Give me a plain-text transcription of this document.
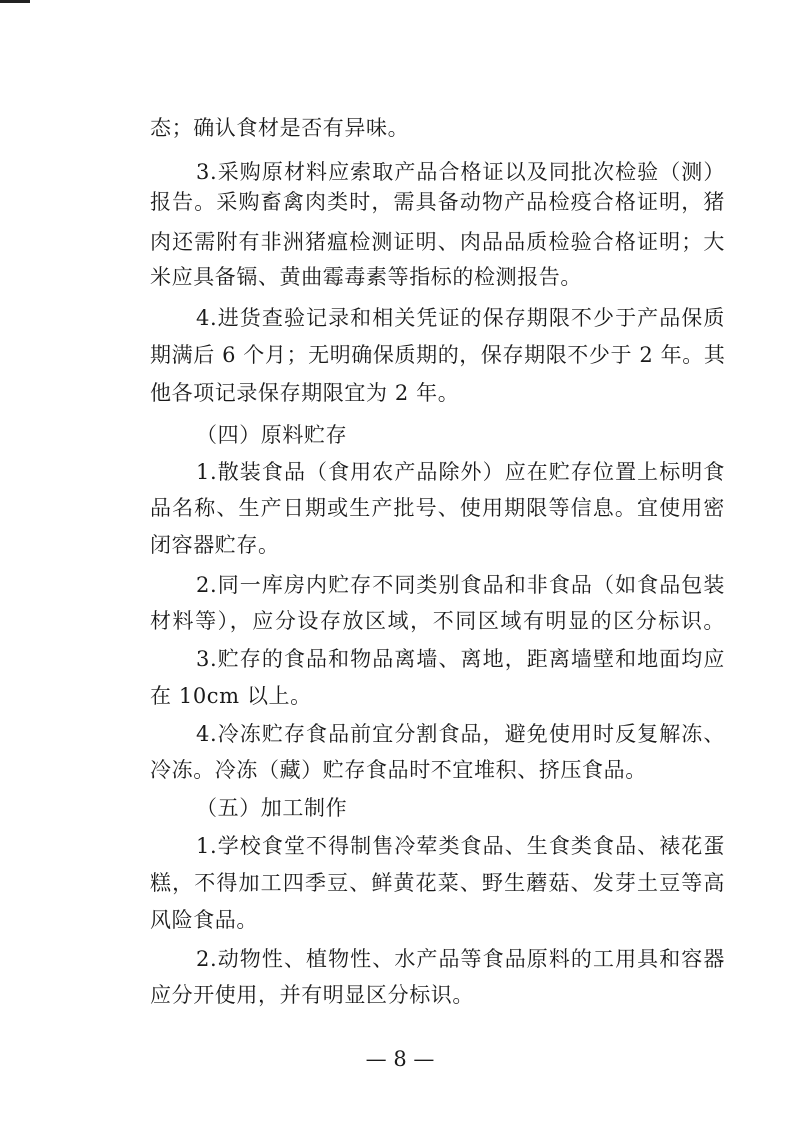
态；确认食材是否有异味。
3.采购原材料应索取产品合格证以及同批次检验（测）
报告。采购畜禽肉类时，需具备动物产品检疫合格证明，猪
肉还需附有非洲猪瘟检测证明、肉品品质检验合格证明；大
米应具备镉、黄曲霉毒素等指标的检测报告。
4.进货查验记录和相关凭证的保存期限不少于产品保质
期满后 6 个月；无明确保质期的，保存期限不少于 2 年。其
他各项记录保存期限宜为 2 年。
（四）原料贮存
1.散装食品（食用农产品除外）应在贮存位置上标明食
品名称、生产日期或生产批号、使用期限等信息。宜使用密
闭容器贮存。
2.同一库房内贮存不同类别食品和非食品（如食品包装
材料等），应分设存放区域，不同区域有明显的区分标识。
3.贮存的食品和物品离墙、离地，距离墙壁和地面均应
在 10cm 以上。
4.冷冻贮存食品前宜分割食品，避免使用时反复解冻、
冷冻。冷冻（藏）贮存食品时不宜堆积、挤压食品。
（五）加工制作
1.学校食堂不得制售冷荤类食品、生食类食品、裱花蛋
糕，不得加工四季豆、鲜黄花菜、野生蘑菇、发芽土豆等高
风险食品。
2.动物性、植物性、水产品等食品原料的工用具和容器
应分开使用，并有明显区分标识。
— 8 —
